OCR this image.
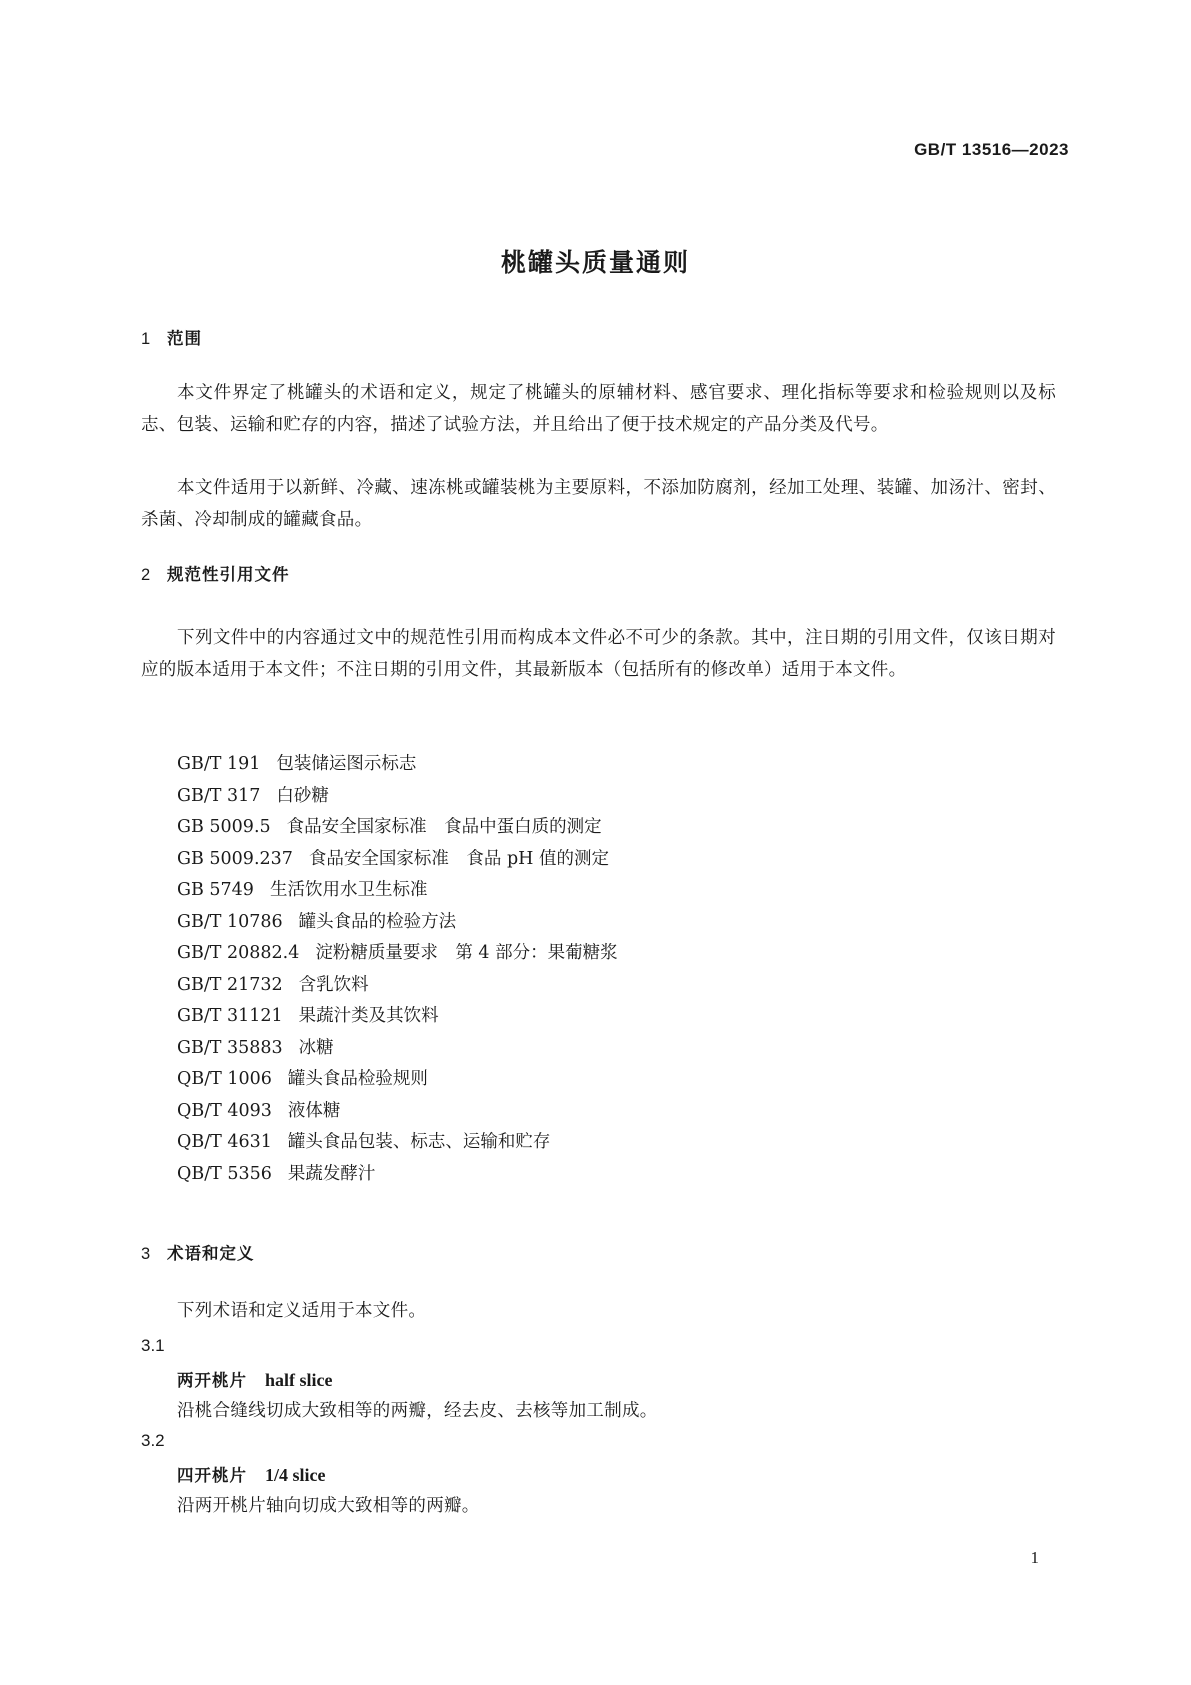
GB/T 13516—2023
桃罐头质量通则
1 范围
本文件界定了桃罐头的术语和定义，规定了桃罐头的原辅材料、感官要求、理化指标等要求和检验规则以及标志、包装、运输和贮存的内容，描述了试验方法，并且给出了便于技术规定的产品分类及代号。
本文件适用于以新鲜、冷藏、速冻桃或罐装桃为主要原料，不添加防腐剂，经加工处理、装罐、加汤汁、密封、杀菌、冷却制成的罐藏食品。
2 规范性引用文件
下列文件中的内容通过文中的规范性引用而构成本文件必不可少的条款。其中，注日期的引用文件，仅该日期对应的版本适用于本文件；不注日期的引用文件，其最新版本（包括所有的修改单）适用于本文件。
GB/T 191 包装储运图示标志
GB/T 317 白砂糖
GB 5009.5 食品安全国家标准　食品中蛋白质的测定
GB 5009.237 食品安全国家标准　食品 pH 值的测定
GB 5749 生活饮用水卫生标准
GB/T 10786 罐头食品的检验方法
GB/T 20882.4 淀粉糖质量要求　第 4 部分：果葡糖浆
GB/T 21732 含乳饮料
GB/T 31121 果蔬汁类及其饮料
GB/T 35883 冰糖
QB/T 1006 罐头食品检验规则
QB/T 4093 液体糖
QB/T 4631 罐头食品包装、标志、运输和贮存
QB/T 5356 果蔬发酵汁
3 术语和定义
下列术语和定义适用于本文件。
3.1
两开桃片 half slice
沿桃合缝线切成大致相等的两瓣，经去皮、去核等加工制成。
3.2
四开桃片 1/4 slice
沿两开桃片轴向切成大致相等的两瓣。
1
